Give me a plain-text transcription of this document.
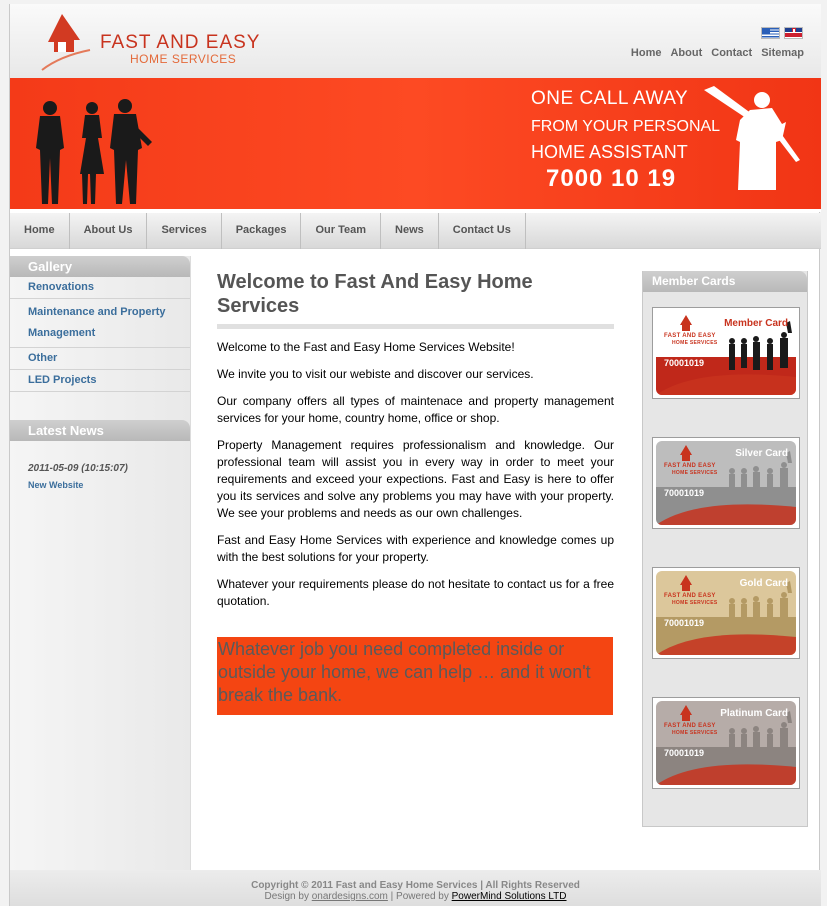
FAST AND EASY
HOME SERVICES	Home About Contact Sitemap
ONE CALL AWAY
FROM YOUR PERSONAL
HOME ASSISTANT
7000 10 19
Home	About Us	Services	Packages	Our Team	News	Contact Us
Gallery
Renovations
Maintenance and Property Management
Other
LED Projects
Latest News
2011-05-09 (10:15:07)
New Website
Welcome to Fast And Easy Home Services

Welcome to the Fast and Easy Home Services Website!

We invite you to visit our webiste and discover our services.

Our company offers all types of maintenace and property management services for your home, country home, office or shop.

Property Management requires professionalism and knowledge. Our professional team will assist you in every way in order to meet your requirements and exceed your expections. Fast and Easy is here to offer you its services and solve any problems you may have with your property. We see your problems and needs as our own challenges.

Fast and Easy Home Services with experience and knowledge comes up with the best solutions for your property.

Whatever your requirements please do not hesitate to contact us for a free quotation.

Whatever job you need completed inside or outside your home, we can help … and it won't break the bank.
Member Cards
Member Card
FAST AND EASY
HOME SERVICES
70001019
Silver Card
FAST AND EASY
HOME SERVICES
70001019
Gold Card
FAST AND EASY
HOME SERVICES
70001019
Platinum Card
FAST AND EASY
HOME SERVICES
70001019
Copyright © 2011 Fast and Easy Home Services | All Rights Reserved
Design by onardesigns.com | Powered by PowerMind Solutions LTD
